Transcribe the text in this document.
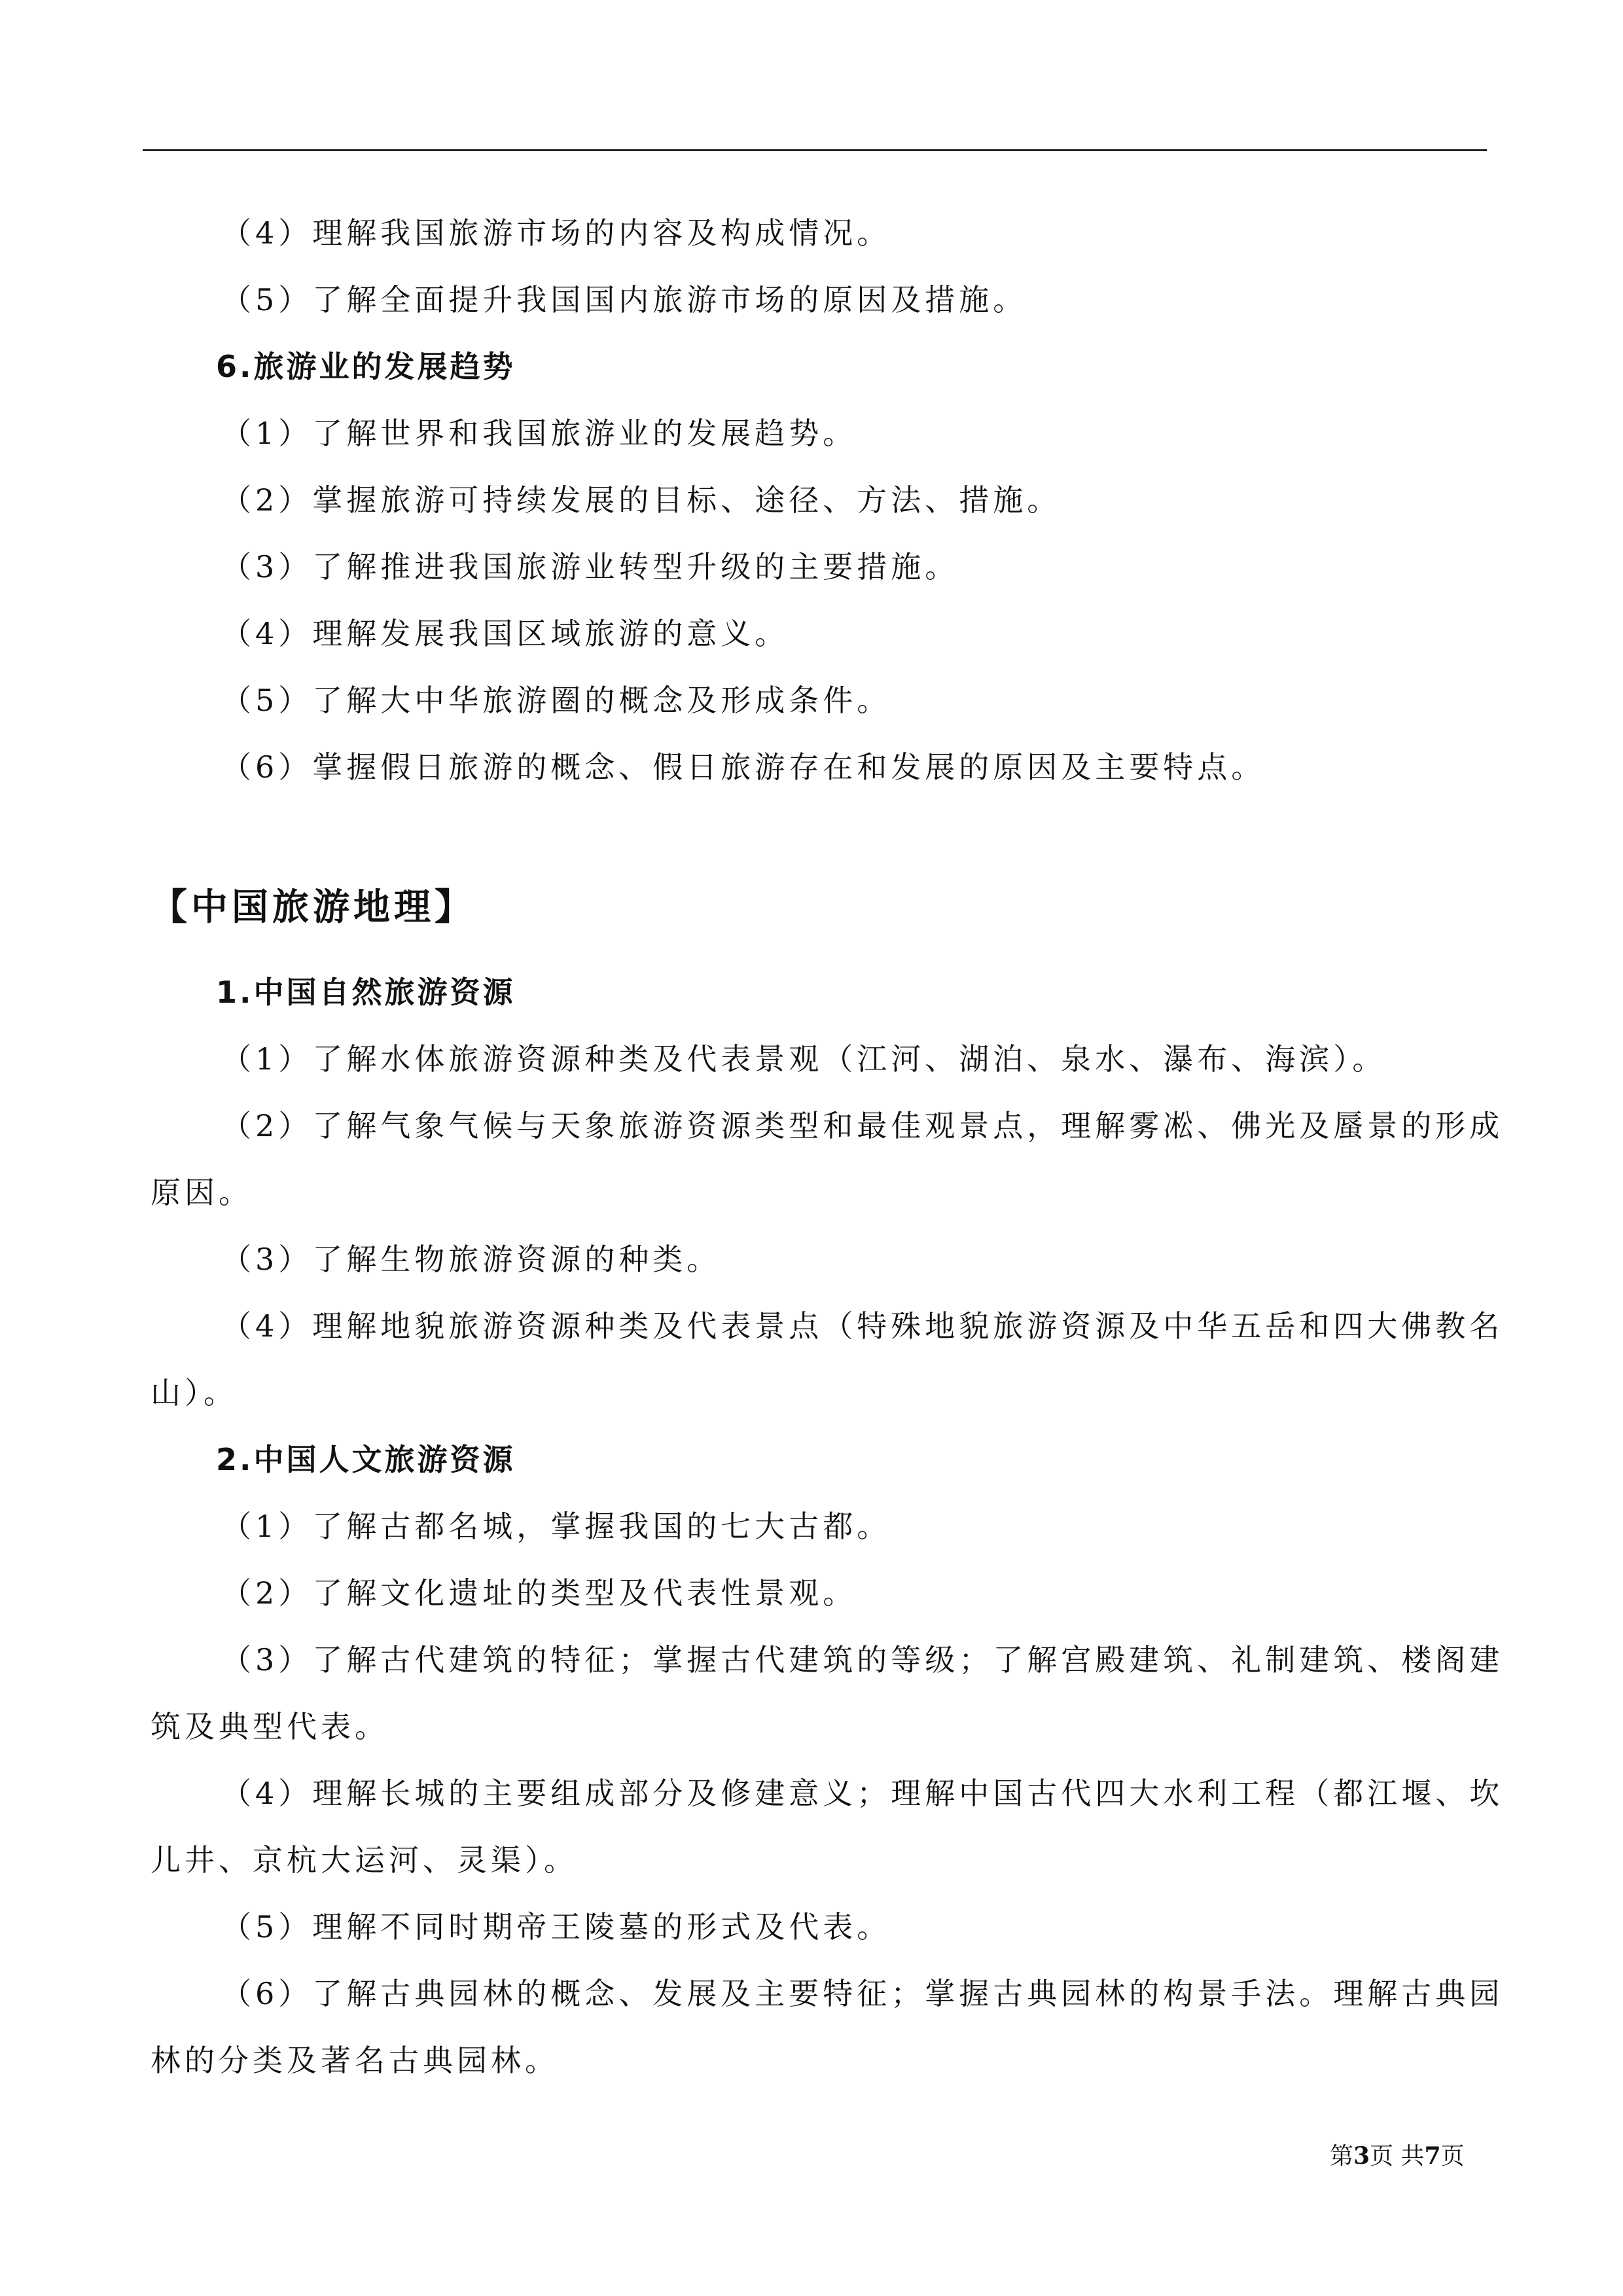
（4）理解我国旅游市场的内容及构成情况。
（5）了解全面提升我国国内旅游市场的原因及措施。
6.旅游业的发展趋势
（1）了解世界和我国旅游业的发展趋势。
（2）掌握旅游可持续发展的目标、途径、方法、措施。
（3）了解推进我国旅游业转型升级的主要措施。
（4）理解发展我国区域旅游的意义。
（5）了解大中华旅游圈的概念及形成条件。
（6）掌握假日旅游的概念、假日旅游存在和发展的原因及主要特点。
【中国旅游地理】
1.中国自然旅游资源
（1）了解水体旅游资源种类及代表景观（江河、湖泊、泉水、瀑布、海滨）。
（2）了解气象气候与天象旅游资源类型和最佳观景点，理解雾凇、佛光及蜃景的形成
原因。
（3）了解生物旅游资源的种类。
（4）理解地貌旅游资源种类及代表景点（特殊地貌旅游资源及中华五岳和四大佛教名
山）。
2.中国人文旅游资源
（1）了解古都名城，掌握我国的七大古都。
（2）了解文化遗址的类型及代表性景观。
（3）了解古代建筑的特征；掌握古代建筑的等级；了解宫殿建筑、礼制建筑、楼阁建
筑及典型代表。
（4）理解长城的主要组成部分及修建意义；理解中国古代四大水利工程（都江堰、坎
儿井、京杭大运河、灵渠）。
（5）理解不同时期帝王陵墓的形式及代表。
（6）了解古典园林的概念、发展及主要特征；掌握古典园林的构景手法。理解古典园
林的分类及著名古典园林。
第3页 共7页
